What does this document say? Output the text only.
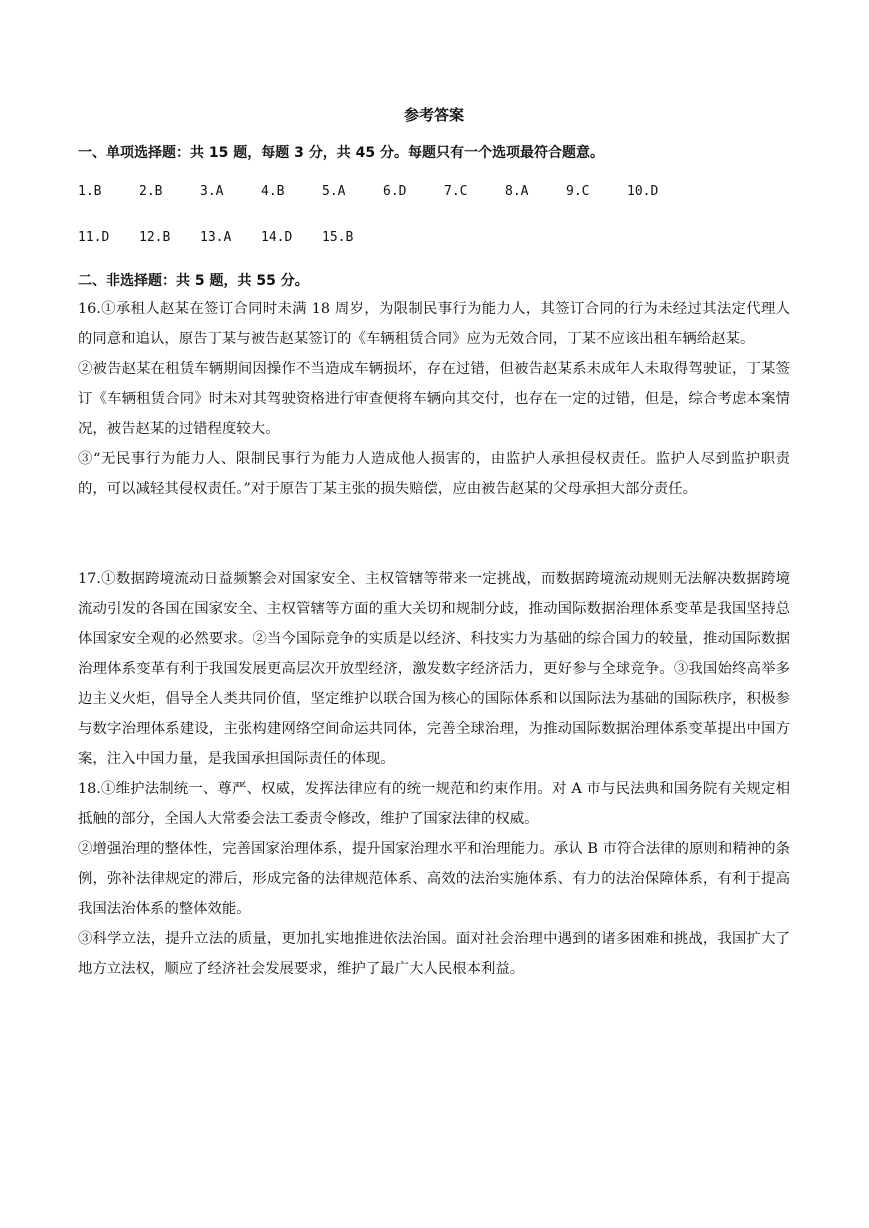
参考答案
一、单项选择题：共 15 题，每题 3 分，共 45 分。每题只有一个选项最符合题意。
1.B	2.B	3.A	4.B	5.A	6.D	7.C	8.A	9.C	10.D
11.D	12.B	13.A	14.D	15.B
二、非选择题：共 5 题，共 55 分。

16.①承租人赵某在签订合同时未满 18 周岁，为限制民事行为能力人，其签订合同的行为未经过其法定代理人的同意和追认，原告丁某与被告赵某签订的《车辆租赁合同》应为无效合同，丁某不应该出租车辆给赵某。

②被告赵某在租赁车辆期间因操作不当造成车辆损坏，存在过错，但被告赵某系未成年人未取得驾驶证，丁某签订《车辆租赁合同》时未对其驾驶资格进行审查便将车辆向其交付，也存在一定的过错，但是，综合考虑本案情况，被告赵某的过错程度较大。

③“无民事行为能力人、限制民事行为能力人造成他人损害的，由监护人承担侵权责任。监护人尽到监护职责的，可以减轻其侵权责任。”对于原告丁某主张的损失赔偿，应由被告赵某的父母承担大部分责任。

17.①数据跨境流动日益频繁会对国家安全、主权管辖等带来一定挑战，而数据跨境流动规则无法解决数据跨境流动引发的各国在国家安全、主权管辖等方面的重大关切和规制分歧，推动国际数据治理体系变革是我国坚持总体国家安全观的必然要求。②当今国际竞争的实质是以经济、科技实力为基础的综合国力的较量，推动国际数据治理体系变革有利于我国发展更高层次开放型经济，激发数字经济活力，更好参与全球竞争。③我国始终高举多边主义火炬，倡导全人类共同价值，坚定维护以联合国为核心的国际体系和以国际法为基础的国际秩序，积极参与数字治理体系建设，主张构建网络空间命运共同体，完善全球治理，为推动国际数据治理体系变革提出中国方案，注入中国力量，是我国承担国际责任的体现。

18.①维护法制统一、尊严、权威，发挥法律应有的统一规范和约束作用。对 A 市与民法典和国务院有关规定相抵触的部分，全国人大常委会法工委责令修改，维护了国家法律的权威。

②增强治理的整体性，完善国家治理体系，提升国家治理水平和治理能力。承认 B 市符合法律的原则和精神的条例，弥补法律规定的滞后，形成完备的法律规范体系、高效的法治实施体系、有力的法治保障体系，有利于提高我国法治体系的整体效能。

③科学立法，提升立法的质量，更加扎实地推进依法治国。面对社会治理中遇到的诸多困难和挑战，我国扩大了地方立法权，顺应了经济社会发展要求，维护了最广大人民根本利益。
